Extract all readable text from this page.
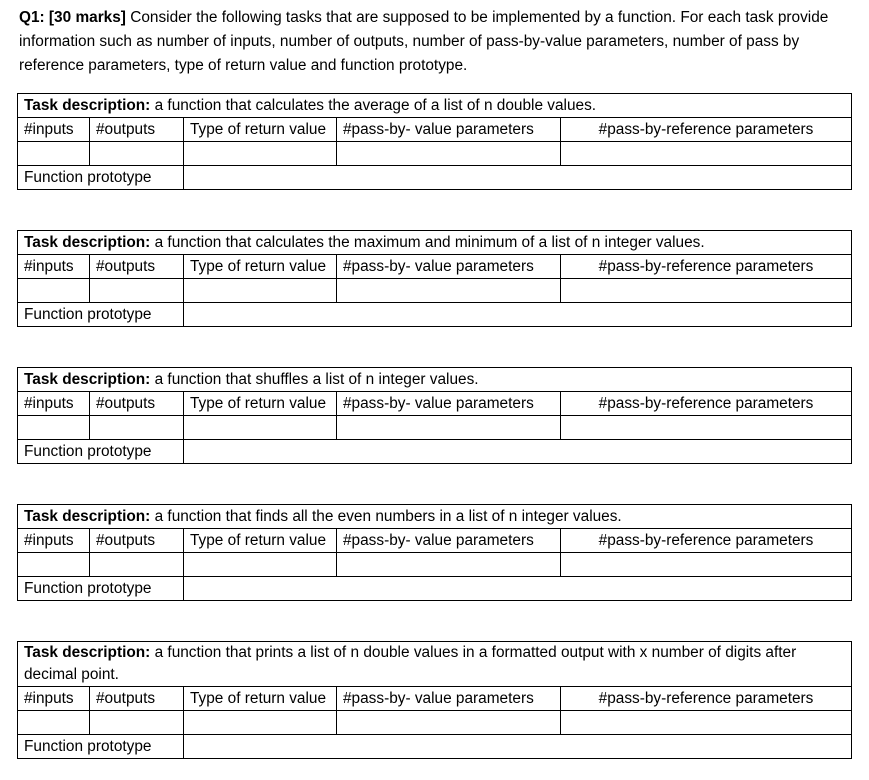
Q1: [30 marks] Consider the following tasks that are supposed to be implemented by a function. For each task provide information such as number of inputs, number of outputs, number of pass-by-value parameters, number of pass by reference parameters, type of return value and function prototype.
Task description: a function that calculates the average of a list of n double values.				
#inputs	#outputs	Type of return value	#pass-by- value parameters	#pass-by-reference parameters

Function prototype				
Task description: a function that calculates the maximum and minimum of a list of n integer values.				
#inputs	#outputs	Type of return value	#pass-by- value parameters	#pass-by-reference parameters

Function prototype				
Task description: a function that shuffles a list of n integer values.				
#inputs	#outputs	Type of return value	#pass-by- value parameters	#pass-by-reference parameters

Function prototype				
Task description: a function that finds all the even numbers in a list of n integer values.				
#inputs	#outputs	Type of return value	#pass-by- value parameters	#pass-by-reference parameters

Function prototype				
Task description: a function that prints a list of n double values in a formatted output with x number of digits after decimal point.				
#inputs	#outputs	Type of return value	#pass-by- value parameters	#pass-by-reference parameters

Function prototype				
